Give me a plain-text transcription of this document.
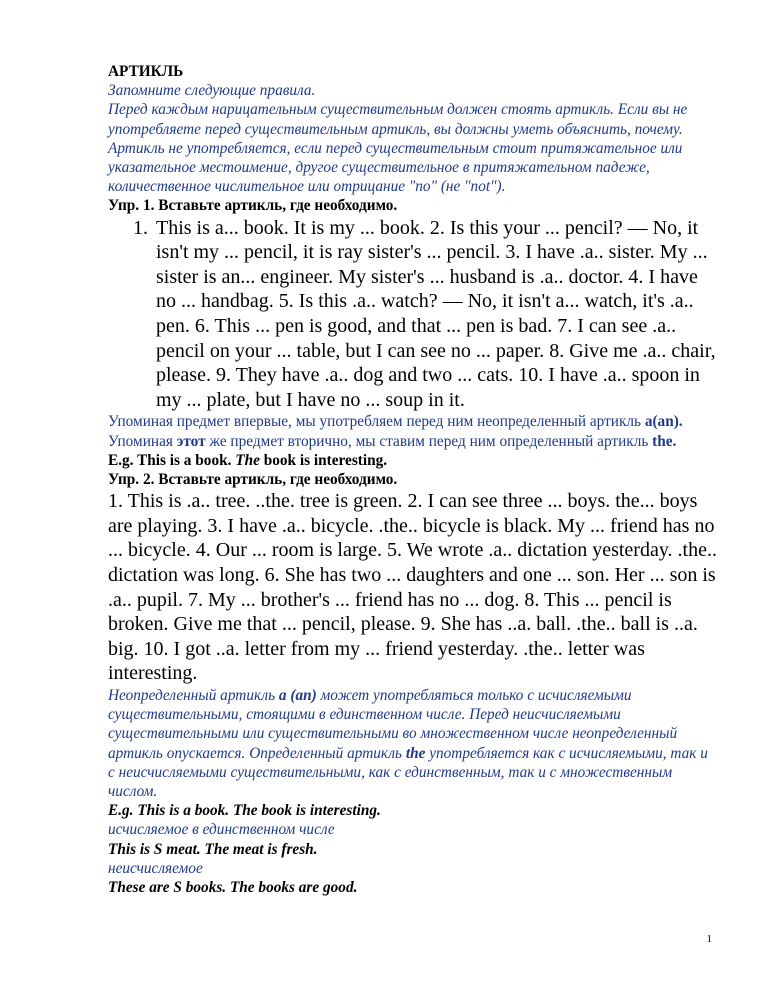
АРТИКЛЬ

Запомните следующие правила.

Перед каждым нарицательным существительным должен стоять артикль. Если вы не употребляете перед существительным артикль, вы должны уметь объяснить, почему.

Артикль не употребляется, если перед существительным стоит притяжательное или указательное местоимение, другое существительное в притяжательном падеже, количественное числительное или отрицание "no" (не "not").

Упр. 1. Вставьте артикль, где необходимо.

1. This is a... book. It is my ... book. 2. Is this your ... pencil? — No, it isn't my ... pencil, it is ray sister's ... pencil. 3. I have .a.. sister. My ... sister is an... engineer. My sister's ... husband is .a.. doctor. 4. I have no ... handbag. 5. Is this .a.. watch? — No, it isn't a... watch, it's .a.. pen. 6. This ... pen is good, and that ... pen is bad. 7. I can see .a.. pencil on your ... table, but I can see no ... paper. 8. Give me .a.. chair, please. 9. They have .a.. dog and two ... cats. 10. I have .a.. spoon in my ... plate, but I have no ... soup in it.

Упоминая предмет впервые, мы употребляем перед ним неопределенный артикль a(an). Упоминая этот же предмет вторично, мы ставим перед ним определенный артикль the.

E.g. This is a book. The book is interesting.

Упр. 2. Вставьте артикль, где необходимо.

1. This is .a.. tree. ..the. tree is green. 2. I can see three ... boys. the... boys are playing. 3. I have .a.. bicycle. .the.. bicycle is black. My ... friend has no ... bicycle. 4. Our ... room is large. 5. We wrote .a.. dictation yesterday. .the.. dictation was long. 6. She has two ... daughters and one ... son. Her ... son is .a.. pupil. 7. My ... brother's ... friend has no ... dog. 8. This ... pencil is broken. Give me that ... pencil, please. 9. She has ..a. ball. .the.. ball is ..a. big. 10. I got ..a. letter from my ... friend yesterday. .the.. letter was interesting.

Неопределенный артикль a (an) может употребляться только с исчисляемыми существительными, стоящими в единственном числе. Перед неисчисляемыми существительными или существительными во множественном числе неопределенный артикль опускается. Определенный артикль the употребляется как с исчисляемыми, так и с неисчисляемыми существительными, как с единственным, так и с множественным числом.

E.g. This is a book. The book is interesting.

исчисляемое в единственном числе

This is S meat. The meat is fresh.

неисчисляемое

These are S books. The books are good.

1
